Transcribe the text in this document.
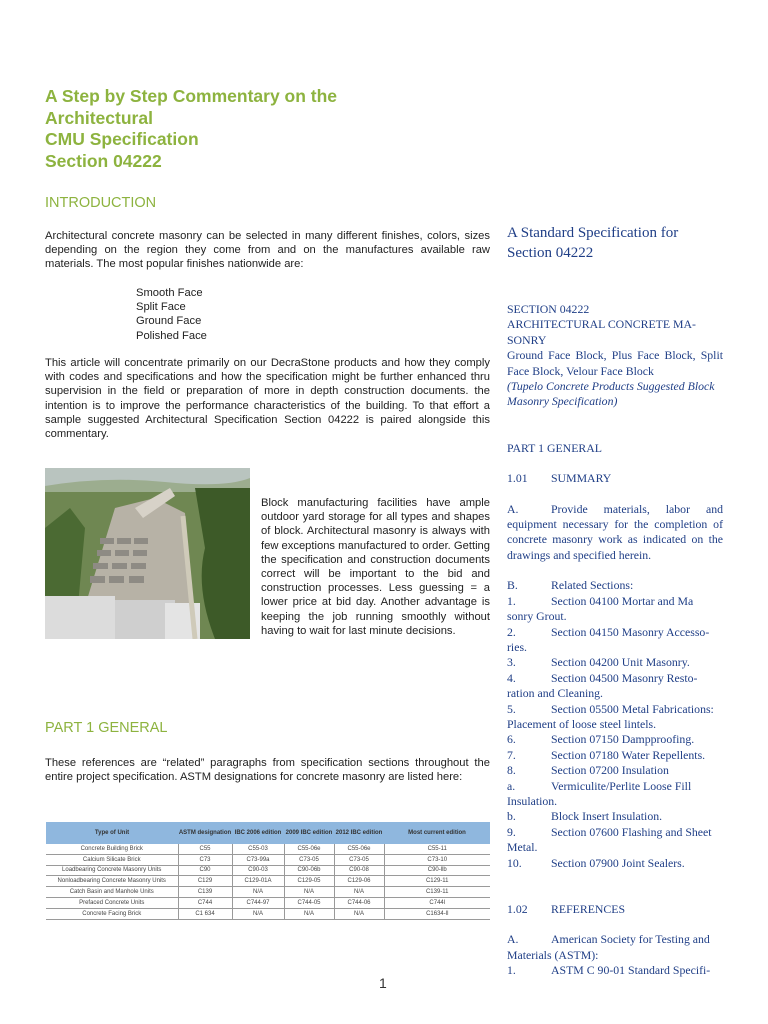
A Step by Step Commentary on the
Architectural
CMU Specification
Section 04222
INTRODUCTION
Architectural concrete masonry can be selected in many different finishes, colors, sizes depending on the region they come from and on the manufactures available raw materials. The most popular finishes nationwide are:
Smooth Face
Split Face
Ground Face
Polished Face
This article will concentrate primarily on our DecraStone products and how they comply with codes and specifications and how the specification might be further enhanced thru supervision in the field or preparation of more in depth construction documents. the intention is to improve the performance characteristics of the building. To that effort a sample suggested Architectural Specification Section 04222 is paired alongside this commentary.
Block manufacturing facilities have ample outdoor yard storage for all types and shapes of block. Architectural masonry is always with few exceptions manufactured to order. Getting the specification and construction documents correct will be important to the bid and construction processes. Less guessing = a lower price at bid day. Another advantage is keeping the job running smoothly without having to wait for last minute decisions.
PART 1 GENERAL
These references are “related” paragraphs from specification sections throughout the entire project specification. ASTM designations for concrete masonry are listed here:
Type of Unit	ASTM designation	IBC 2006 edition	2009 IBC edition	2012 IBC edition	Most current edition
Concrete Building Brick	C55	C55-03	C55-06e	C55-06e	C55-11
Calcium Silicate Brick	C73	C73-99a	C73-05	C73-05	C73-10
Loadbearing Concrete Masonry Units	C90	C90-03	C90-06b	C90-08	C90-llb
Nonloadbearing Concrete Masonry Units	C129	C129-01A	C129-05	C129-06	C129-11
Catch Basin and Manhole Units	C139	N/A	N/A	N/A	C139-11
Prefaced Concrete Units	C744	C744-97	C744-05	C744-06	C744l
Concrete Facing Brick	C1 634	N/A	N/A	N/A	C1634-ll
1
A Standard Specification for
Section 04222
SECTION 04222
ARCHITECTURAL CONCRETE MA-
SONRY
Ground Face Block, Plus Face Block, Split Face Block, Velour Face Block
(Tupelo Concrete Products Suggested Block Masonry Specification)
PART 1 GENERAL
1.01 SUMMARY
A.	Provide materials, labor and equipment necessary for the completion of concrete masonry work as indicated on the drawings and specified herein.
B.	Related Sections:
1.	Section 04100 Mortar and Ma
sonry Grout.
2.	Section 04150 Masonry Accesso-
ries.
3.	Section 04200 Unit Masonry.
4.	Section 04500 Masonry Resto-
ration and Cleaning.
5.	Section 05500 Metal Fabrications:
Placement of loose steel lintels.
6.	Section 07150 Dampproofing.
7.	Section 07180 Water Repellents.
8.	Section 07200 Insulation
a.	Vermiculite/Perlite Loose Fill
Insulation.
b.	Block Insert Insulation.
9.	Section 07600 Flashing and Sheet
Metal.
10. Section 07900 Joint Sealers.
1.02 REFERENCES
A.	American Society for Testing and
Materials (ASTM):
1.	ASTM C 90-01 Standard Specifi-
